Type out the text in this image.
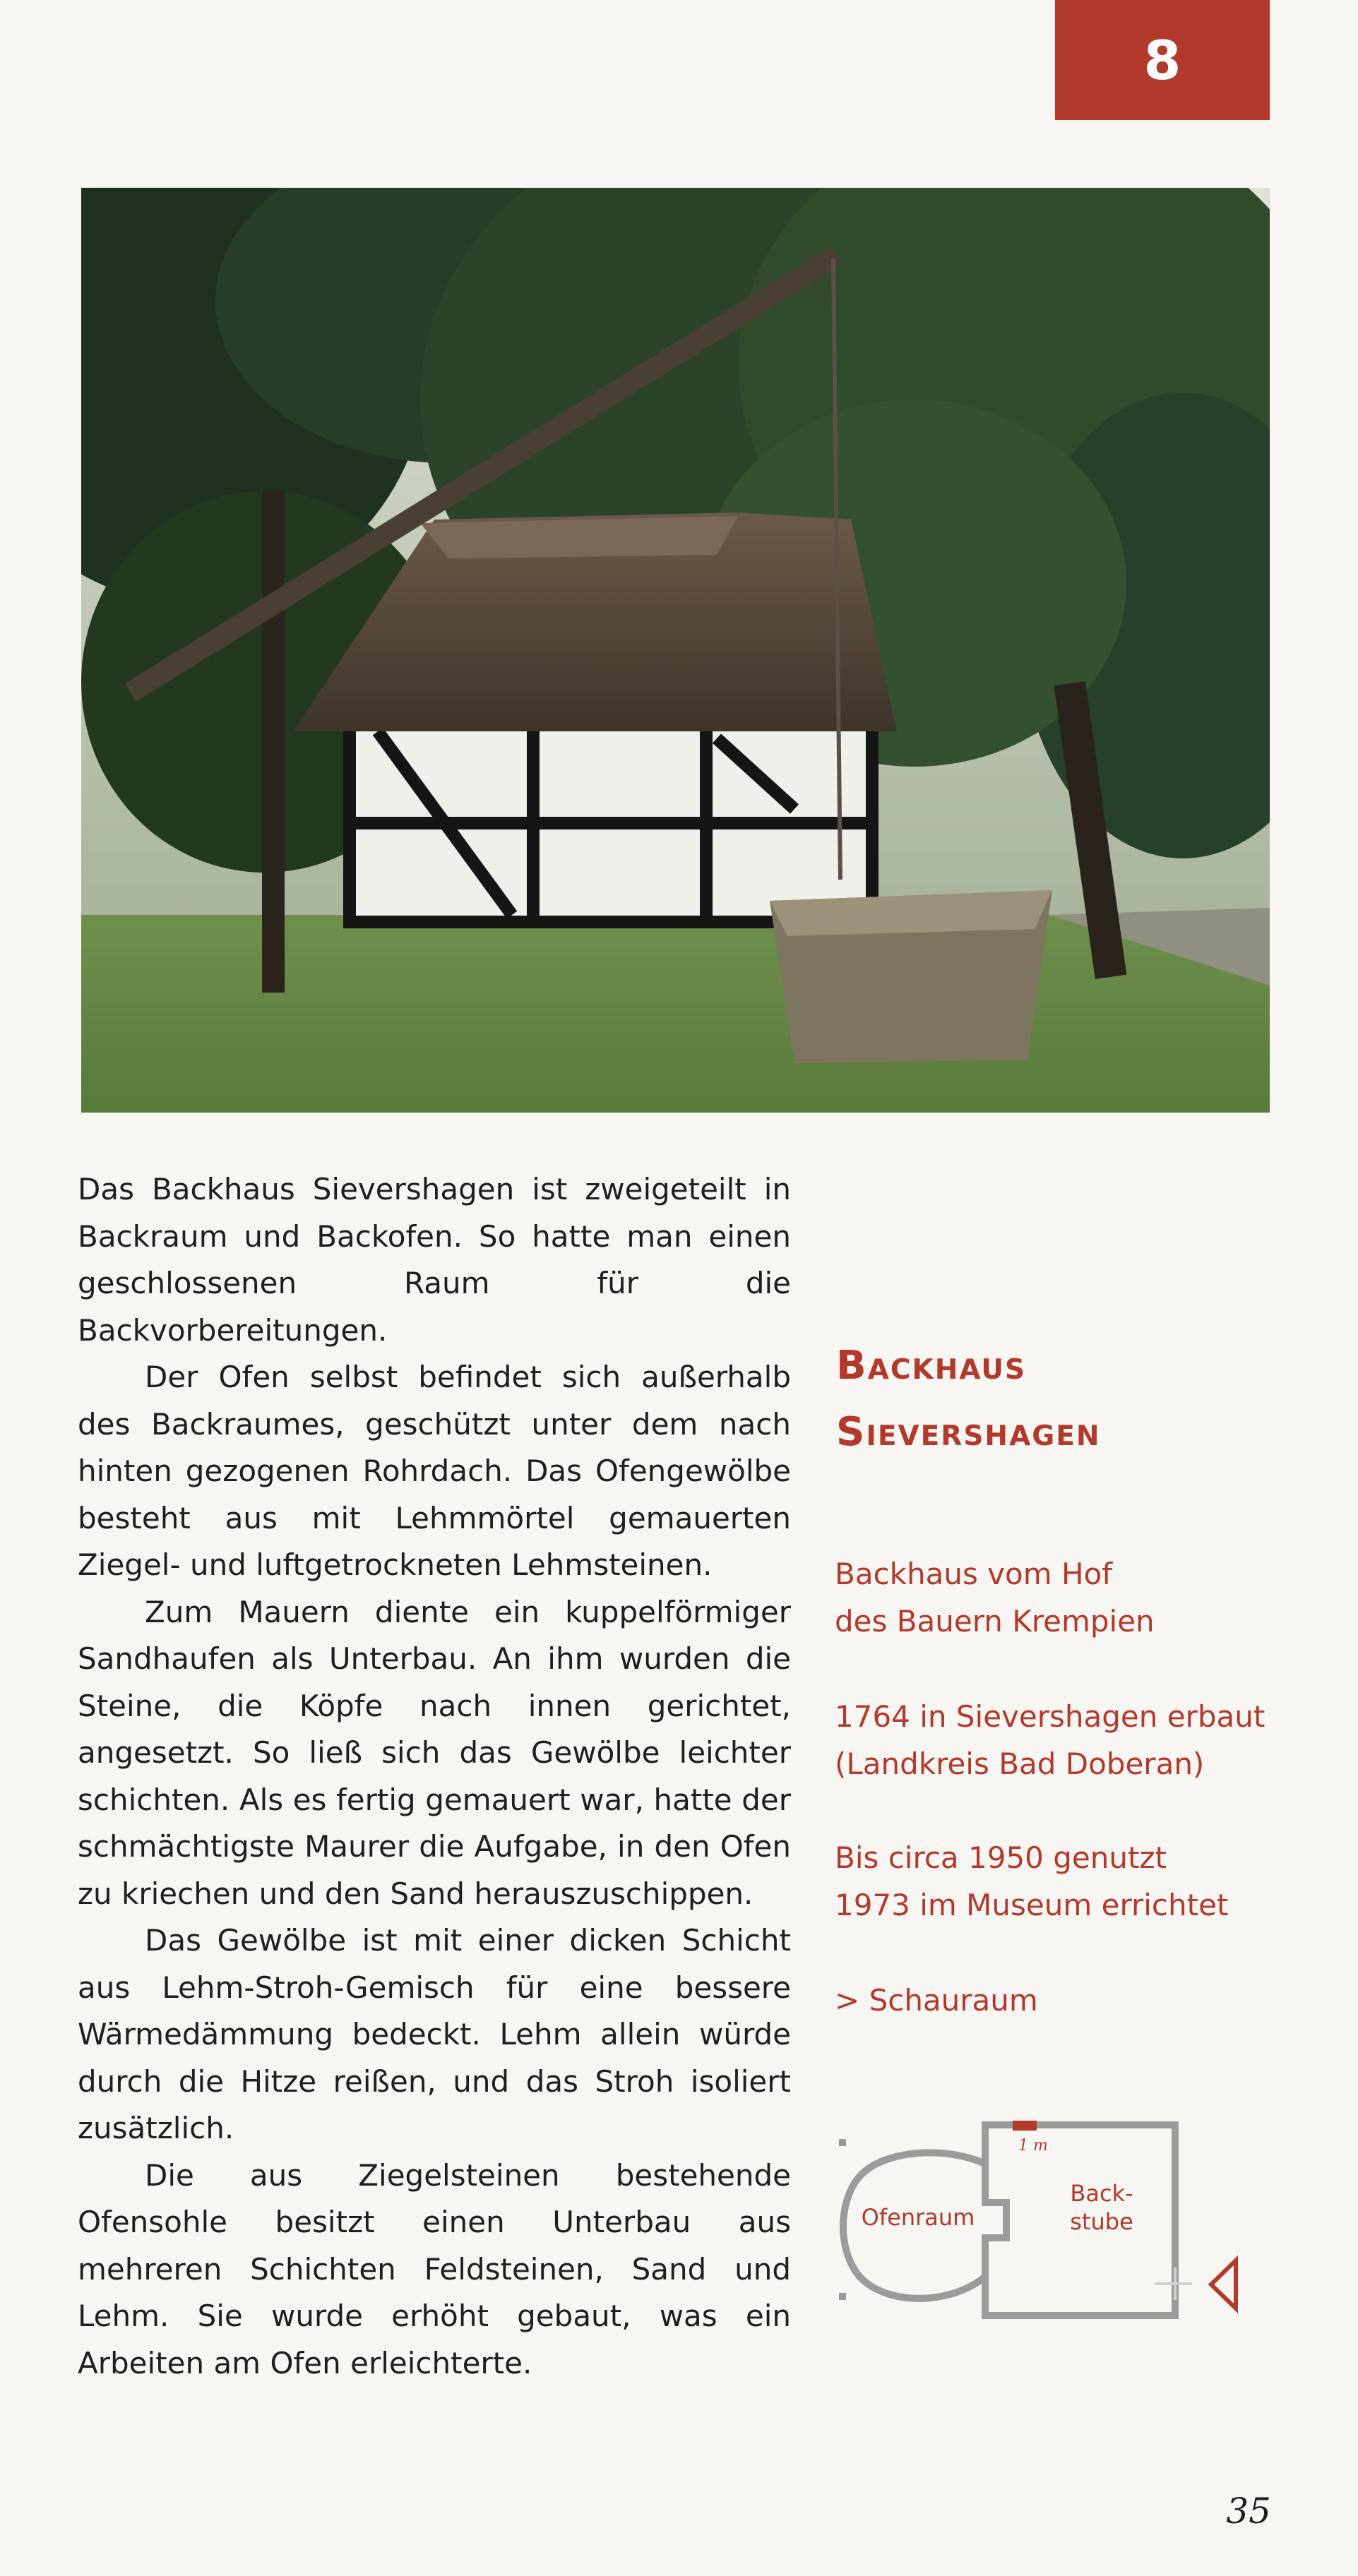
8

Das Backhaus Sievershagen ist zweigeteilt in Backraum und Backofen. So hatte man einen geschlossenen Raum für die Backvorbereitungen.

Der Ofen selbst befindet sich außerhalb des Backraumes, geschützt unter dem nach hinten gezogenen Rohrdach. Das Ofengewölbe besteht aus mit Lehmmörtel gemauerten Ziegel- und luftgetrockneten Lehmsteinen.

Zum Mauern diente ein kuppelförmiger Sandhaufen als Unterbau. An ihm wurden die Steine, die Köpfe nach innen gerichtet, angesetzt. So ließ sich das Gewölbe leichter schichten. Als es fertig gemauert war, hatte der schmächtigste Maurer die Aufgabe, in den Ofen zu kriechen und den Sand herauszuschippen.

Das Gewölbe ist mit einer dicken Schicht aus Lehm-Stroh-Gemisch für eine bessere Wärmedämmung bedeckt. Lehm allein würde durch die Hitze reißen, und das Stroh isoliert zusätzlich.

Die aus Ziegelsteinen bestehende Ofensohle besitzt einen Unterbau aus mehreren Schichten Feldsteinen, Sand und Lehm. Sie wurde erhöht gebaut, was ein Arbeiten am Ofen erleichterte.

Backhaus
Sievershagen
Backhaus vom Hof
des Bauern Krempien
1764 in Sievershagen erbaut
(Landkreis Bad Doberan)
Bis circa 1950 genutzt
1973 im Museum errichtet
> Schauraum
1 m
Ofenraum
Back-
stube
35
